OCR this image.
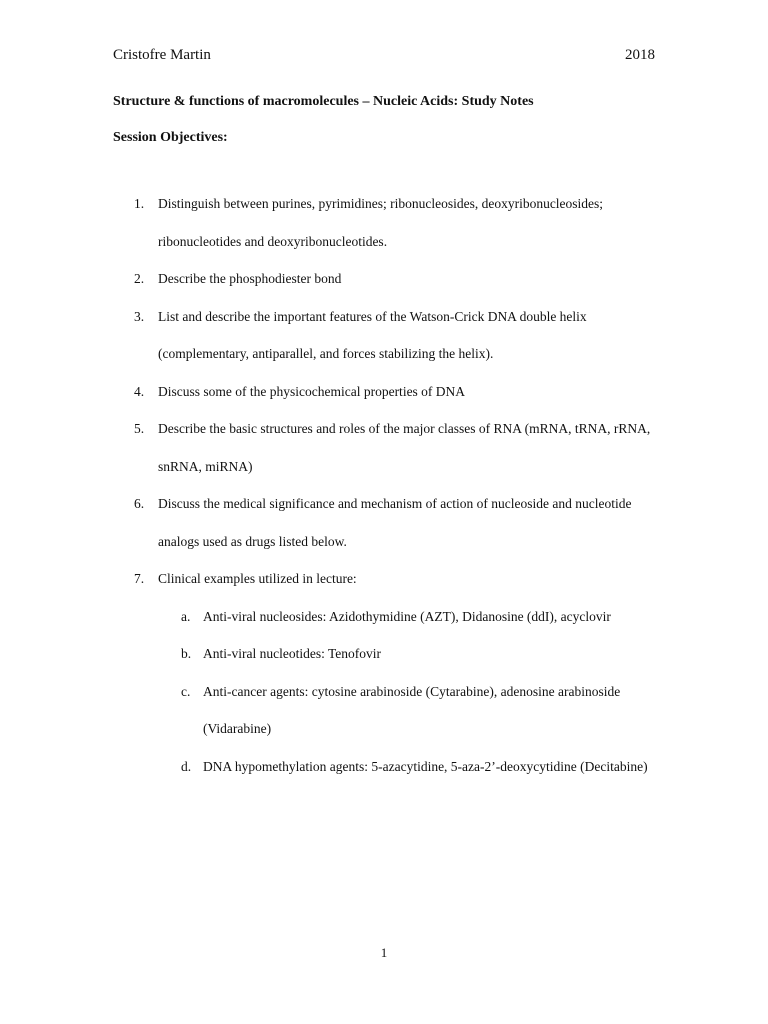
Cristofre Martin	2018
Structure & functions of macromolecules – Nucleic Acids: Study Notes
Session Objectives:
1. Distinguish between purines, pyrimidines; ribonucleosides, deoxyribonucleosides; ribonucleotides and deoxyribonucleotides.
2. Describe the phosphodiester bond
3. List and describe the important features of the Watson-Crick DNA double helix (complementary, antiparallel, and forces stabilizing the helix).
4. Discuss some of the physicochemical properties of DNA
5. Describe the basic structures and roles of the major classes of RNA (mRNA, tRNA, rRNA, snRNA, miRNA)
6. Discuss the medical significance and mechanism of action of nucleoside and nucleotide analogs used as drugs listed below.
7. Clinical examples utilized in lecture:
a. Anti-viral nucleosides: Azidothymidine (AZT), Didanosine (ddI), acyclovir
b. Anti-viral nucleotides: Tenofovir
c. Anti-cancer agents: cytosine arabinoside (Cytarabine), adenosine arabinoside (Vidarabine)
d. DNA hypomethylation agents: 5-azacytidine, 5-aza-2’-deoxycytidine (Decitabine)
1
